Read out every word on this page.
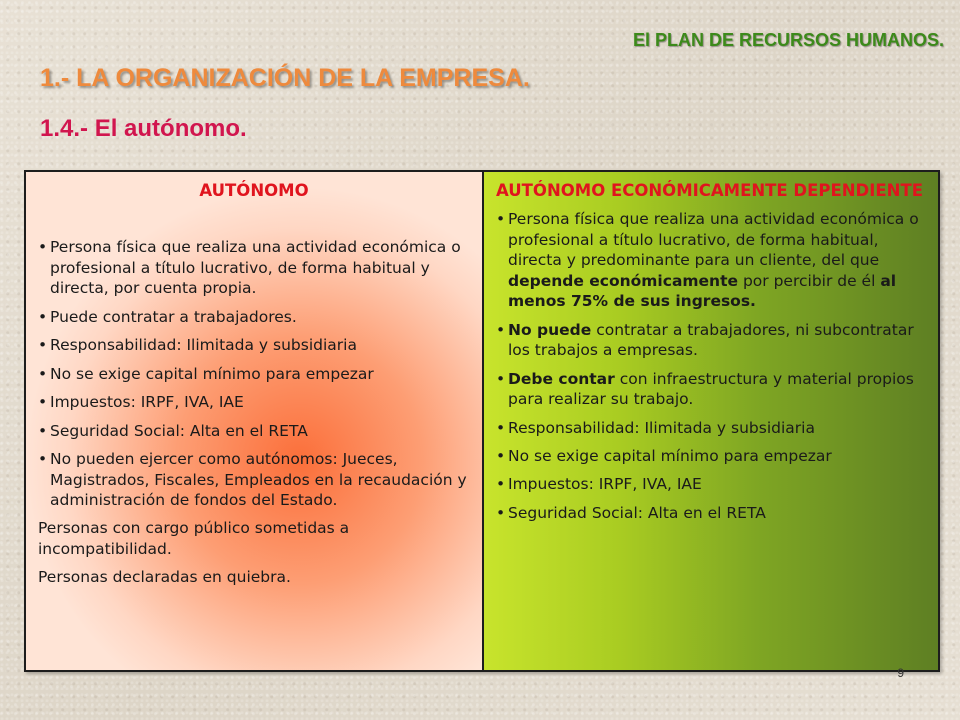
El PLAN DE RECURSOS HUMANOS.
1.- LA ORGANIZACIÓN DE LA EMPRESA.
1.4.- El autónomo.
AUTÓNOMO
• Persona física que realiza una actividad económica o profesional a título lucrativo, de forma habitual y directa, por cuenta propia.
• Puede contratar a trabajadores.
• Responsabilidad: Ilimitada y subsidiaria
• No se exige capital mínimo para empezar
• Impuestos: IRPF, IVA, IAE
• Seguridad Social: Alta en el RETA
• No pueden ejercer como autónomos: Jueces, Magistrados, Fiscales, Empleados en la recaudación y administración de fondos del Estado.
Personas con cargo público sometidas a incompatibilidad.
Personas declaradas en quiebra.
AUTÓNOMO ECONÓMICAMENTE DEPENDIENTE
• Persona física que realiza una actividad económica o profesional a título lucrativo, de forma habitual, directa y predominante para un cliente, del que depende económicamente por percibir de él al menos 75% de sus ingresos.
• No puede contratar a trabajadores, ni subcontratar los trabajos a empresas.
• Debe contar con infraestructura y material propios para realizar su trabajo.
• Responsabilidad: Ilimitada y subsidiaria
• No se exige capital mínimo para empezar
• Impuestos: IRPF, IVA, IAE
• Seguridad Social: Alta en el RETA
9
